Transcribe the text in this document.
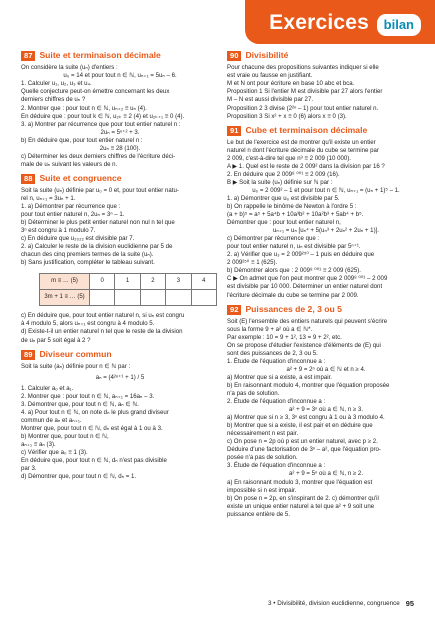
Exercices	bilan
87 Suite et terminaison décimale

On considère la suite (uₙ) d'entiers :

u₀ = 14 et pour tout n ∈ ℕ, uₙ₊₁ = 5uₙ – 6.

1. Calculer u₁, u₂, u₃ et u₄.

Quelle conjecture peut-on émettre concernant les deux

derniers chiffres de uₙ ?

2. Montrer que : pour tout n ∈ ℕ, uₙ₊₂ ≡ uₙ (4).

En déduire que : pour tout k ∈ ℕ, u₂ₖ ≡ 2 (4) et u₂ₖ₊₁ ≡ 0 (4).

3. a) Montrer par récurrence que pour tout entier naturel n :

2uₙ = 5ⁿ⁺² + 3.

b) En déduire que, pour tout entier naturel n :

2uₙ ≡ 28 (100).

c) Déterminer les deux derniers chiffres de l'écriture déci-

male de uₙ suivant les valeurs de n.

88 Suite et congruence

Soit la suite (uₙ) définie par u₀ = 0 et, pour tout entier natu-

rel n, uₙ₊₁ = 3uₙ + 1.

1. a) Démontrer par récurrence que :

pour tout entier naturel n, 2uₙ = 3ⁿ – 1.

b) Déterminer le plus petit entier naturel non nul n tel que

3ⁿ est congru à 1 modulo 7.

c) En déduire que u₂₀₂₂ est divisible par 7.

2. a) Calculer le reste de la division euclidienne par 5 de

chacun des cinq premiers termes de la suite (uₙ).

b) Sans justification, compléter le tableau suivant.

m ≡ … (5)	0	1	2	3	4
3m + 1 ≡ … (5)					

c) En déduire que, pour tout entier naturel n, si uₙ est congru

à 4 modulo 5, alors uₙ₊₁ est congru à 4 modulo 5.

d) Existe-t-il un entier naturel n tel que le reste de la division

de uₙ par 5 soit égal à 2 ?

89 Diviseur commun

Soit la suite (aₙ) définie pour n ∈ ℕ par :

aₙ = (4²ⁿ⁺¹ + 1) / 5

1. Calculer a₀ et a₁.

2. Montrer que : pour tout n ∈ ℕ, aₙ₊₁ = 16aₙ – 3.

3. Démontrer que, pour tout n ∈ ℕ, aₙ ∈ ℕ.

4. a) Pour tout n ∈ ℕ, on note dₙ le plus grand diviseur

commun de aₙ et aₙ₊₁.

Montrer que, pour tout n ∈ ℕ, dₙ est égal à 1 ou à 3.

b) Montrer que, pour tout n ∈ ℕ,

aₙ₊₁ ≡ aₙ (3).

c) Vérifier que a₀ ≡ 1 (3).

En déduire que, pour tout n ∈ ℕ, dₙ n'est pas divisible

par 3.

d) Démontrer que, pour tout n ∈ ℕ, dₙ = 1.

90 Divisibilité

Pour chacune des propositions suivantes indiquer si elle

est vraie ou fausse en justifiant.

M et N ont pour écriture en base 10 abc et bca.

Proposition 1 Si l'entier M est divisible par 27 alors l'entier

M – N est aussi divisible par 27.

Proposition 2 3 divise (2²ⁿ – 1) pour tout entier naturel n.

Proposition 3 Si x² + x ≡ 0 (6) alors x ≡ 0 (3).

91 Cube et terminaison décimale

Le but de l'exercice est de montrer qu'il existe un entier

naturel n dont l'écriture décimale du cube se termine par

2 009, c'est-à-dire tel que n³ ≡ 2 009 (10 000).

A ▶ 1. Quel est le reste de 2 009² dans la division par 16 ?

2. En déduire que 2 009⁸ ⁰⁰¹ ≡ 2 009 (16).

B ▶ Soit la suite (uₙ) définie sur ℕ par :

u₀ = 2 009² – 1 et pour tout n ∈ ℕ, uₙ₊₁ = (uₙ + 1)⁵ – 1.

1. a) Démontrer que u₀ est divisible par 5.

b) On rappelle le binôme de Newton à l'ordre 5 :

(a + b)⁵ = a⁵ + 5a⁴b + 10a³b² + 10a²b³ + 5ab⁴ + b⁵.

Démontrer que : pour tout entier naturel n,

uₙ₊₁ = uₙ [uₙ⁴ + 5(uₙ³ + 2uₙ² + 2uₙ + 1)].

c) Démontrer par récurrence que :

pour tout entier naturel n, uₙ est divisible par 5ⁿ⁺¹.

2. a) Vérifier que u₃ = 2 009²⁵⁰ – 1 puis en déduire que

2 009²⁵⁰ ≡ 1 (625).

b) Démontrer alors que : 2 009⁸ ⁰⁰¹ ≡ 2 009 (625).

C ▶ On admet que l'on peut montrer que 2 009⁸ ⁰⁰¹ – 2 009

est divisible par 10 000. Déterminer un entier naturel dont

l'écriture décimale du cube se termine par 2 009.

92 Puissances de 2, 3 ou 5

Soit (E) l'ensemble des entiers naturels qui peuvent s'écrire

sous la forme 9 + a² où a ∈ ℕ*.

Par exemple : 10 = 9 + 1², 13 = 9 + 2², etc.

On se propose d'étudier l'existence d'éléments de (E) qui

sont des puissances de 2, 3 ou 5.

1. Étude de l'équation d'inconnue a :

a² + 9 = 2ⁿ où a ∈ ℕ et n ≥ 4.

a) Montrer que si a existe, a est impair.

b) En raisonnant modulo 4, montrer que l'équation proposée

n'a pas de solution.

2. Étude de l'équation d'inconnue a :

a² + 9 = 3ⁿ où a ∈ ℕ, n ≥ 3.

a) Montrer que si n ≥ 3, 3ⁿ est congru à 1 ou à 3 modulo 4.

b) Montrer que si a existe, il est pair et en déduire que

nécessairement n est pair.

c) On pose n = 2p où p est un entier naturel, avec p ≥ 2.

Déduire d'une factorisation de 3ⁿ – a², que l'équation pro-

posée n'a pas de solution.

3. Étude de l'équation d'inconnue a :

a² + 9 = 5ⁿ où a ∈ ℕ, n ≥ 2.

a) En raisonnant modulo 3, montrer que l'équation est

impossible si n est impair.

b) On pose n = 2p, en s'inspirant de 2. c) démontrer qu'il

existe un unique entier naturel a tel que a² + 9 soit une

puissance entière de 5.

3 • Divisibilité, division euclidienne, congruence 95
